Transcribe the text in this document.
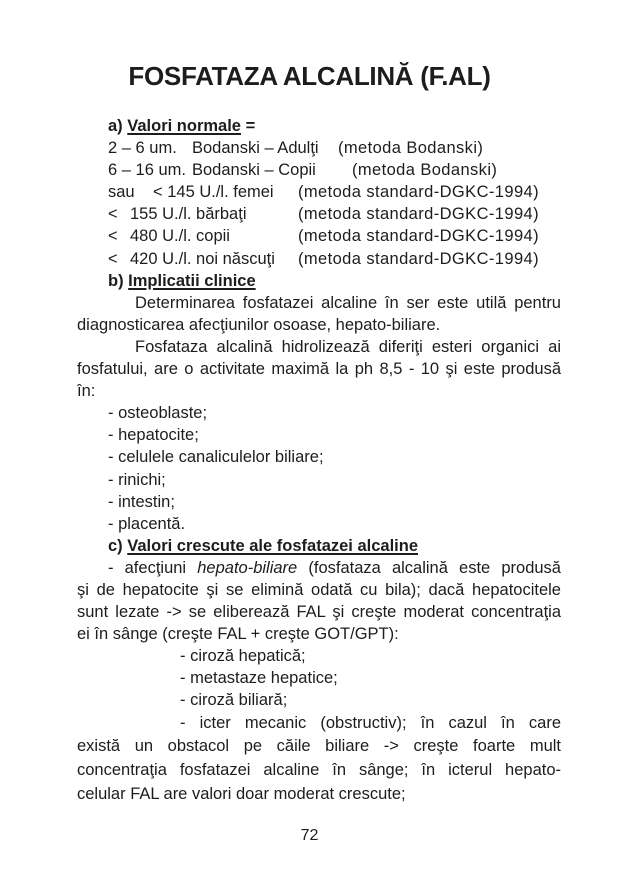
FOSFATAZA ALCALINĂ (F.AL)
a) Valori normale =
2 – 6 um. Bodanski – Adulţi (metoda Bodanski)
6 – 16 um. Bodanski – Copii (metoda Bodanski)
sau < 145 U./l. femei (metoda standard-DGKC-1994)
< 155 U./l. bărbaţi	(metoda standard-DGKC-1994)
< 480 U./l. copii	(metoda standard-DGKC-1994)
< 420 U./l. noi născuţi (metoda standard-DGKC-1994)
b) Implicatii clinice
Determinarea fosfatazei alcaline în ser este utilă pentru
diagnosticarea afecţiunilor osoase, hepato-biliare.
Fosfataza alcalină hidrolizează diferiţi esteri organici ai
fosfatului, are o activitate maximă la ph 8,5 - 10 şi este produsă
în:
- osteoblaste;
- hepatocite;
- celulele canaliculelor biliare;
- rinichi;
- intestin;
- placentă.
c) Valori crescute ale fosfatazei alcaline
- afecţiuni hepato-biliare (fosfataza alcalină este produsă
şi de hepatocite şi se elimină odată cu bila); dacă hepatocitele
sunt lezate -> se eliberează FAL şi creşte moderat concentraţia
ei în sânge (creşte FAL + creşte GOT/GPT):
- ciroză hepatică;
- metastaze hepatice;
- ciroză biliară;
- icter mecanic (obstructiv); în cazul în care
există un obstacol pe căile biliare -> creşte foarte mult
concentraţia fosfatazei alcaline în sânge; în icterul hepato-
celular FAL are valori doar moderat crescute;
72
